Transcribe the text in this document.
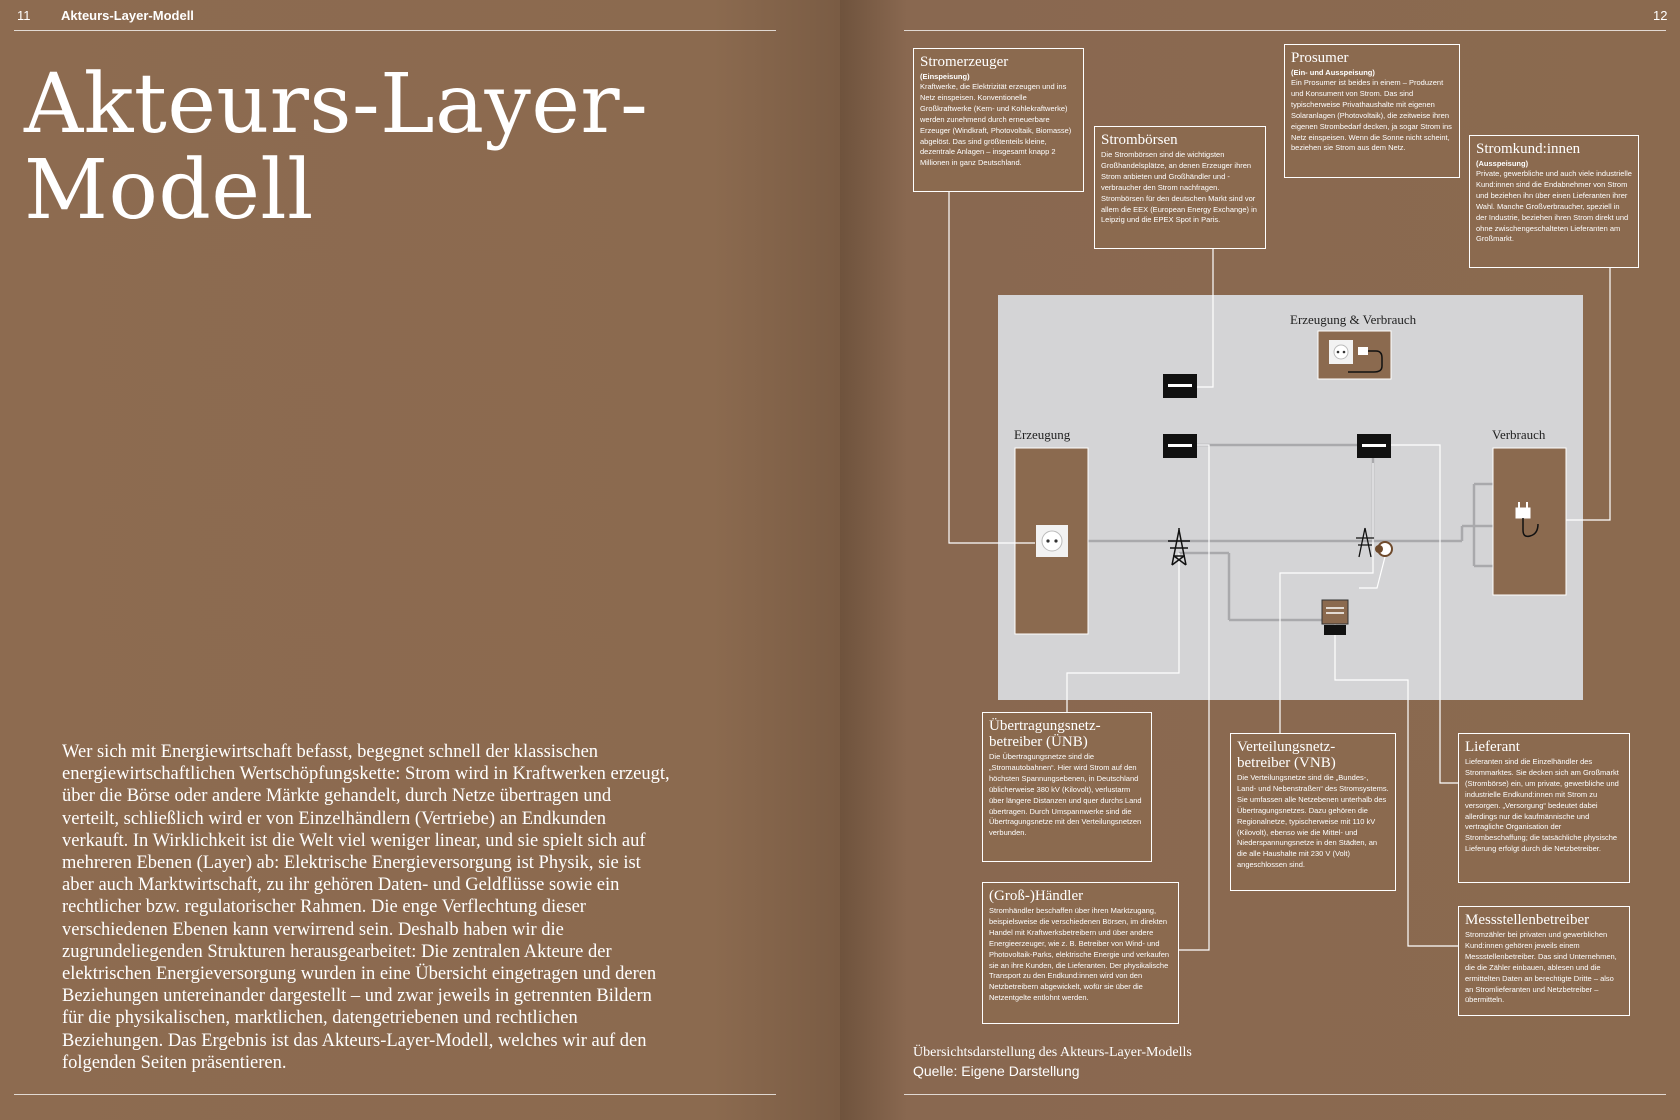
11 Akteurs-Layer-Modell
Akteurs-Layer-
Modell

Wer sich mit Energiewirtschaft befasst, begegnet schnell der klassischen energiewirtschaftlichen Wertschöpfungskette: Strom wird in Kraftwerken erzeugt, über die Börse oder andere Märkte gehandelt, durch Netze übertragen und verteilt, schließlich wird er von Einzelhändlern (Vertriebe) an Endkunden verkauft. In Wirklichkeit ist die Welt viel weniger linear, und sie spielt sich auf mehreren Ebenen (Layer) ab: Elektrische Energieversorgung ist Physik, sie ist aber auch Marktwirtschaft, zu ihr gehören Daten- und Geldflüsse sowie ein rechtlicher bzw. regulatorischer Rahmen. Die enge Verflechtung dieser verschiedenen Ebenen kann verwirrend sein. Deshalb haben wir die zugrundeliegenden Strukturen herausgearbeitet: Die zentralen Akteure der elektrischen Energieversorgung wurden in eine Übersicht eingetragen und deren Beziehungen untereinander dargestellt – und zwar jeweils in getrennten Bildern für die physikalischen, marktlichen, datengetriebenen und rechtlichen Beziehungen. Das Ergebnis ist das Akteurs-Layer-Modell, welches wir auf den folgenden Seiten präsentieren.

12
Erzeugung	Verbrauch
Erzeugung & Verbrauch
Stromerzeuger
(Einspeisung)
Kraftwerke, die Elektrizität erzeugen und ins Netz einspeisen. Konventionelle Großkraftwerke (Kern- und Kohlekraftwerke) werden zunehmend durch erneuerbare Erzeuger (Windkraft, Photovoltaik, Biomasse) abgelöst. Das sind größtenteils kleine, dezentrale Anlagen – insgesamt knapp 2 Millionen in ganz Deutschland.
Strombörsen
Die Strombörsen sind die wichtigsten Großhandelsplätze, an denen Erzeuger ihren Strom anbieten und Großhändler und -verbraucher den Strom nachfragen. Strombörsen für den deutschen Markt sind vor allem die EEX (European Energy Exchange) in Leipzig und die EPEX Spot in Paris.
Prosumer
(Ein- und Ausspeisung)
Ein Prosumer ist beides in einem – Produzent und Konsument von Strom. Das sind typischerweise Privathaushalte mit eigenen Solaranlagen (Photovoltaik), die zeitweise ihren eigenen Strombedarf decken, ja sogar Strom ins Netz einspeisen. Wenn die Sonne nicht scheint, beziehen sie Strom aus dem Netz.	Stromkund:innen
(Ausspeisung)
Private, gewerbliche und auch viele industrielle Kund:innen sind die Endabnehmer von Strom und beziehen ihn über einen Lieferanten ihrer Wahl. Manche Großverbraucher, speziell in der Industrie, beziehen ihren Strom direkt und ohne zwischengeschalteten Lieferanten am Großmarkt.
Übertragungsnetz-
betreiber (ÜNB)
Die Übertragungsnetze sind die „Stromautobahnen“. Hier wird Strom auf den höchsten Spannungsebenen, in Deutschland üblicherweise 380 kV (Kilovolt), verlustarm über längere Distanzen und quer durchs Land übertragen. Durch Umspannwerke sind die Übertragungsnetze mit den Verteilungsnetzen verbunden.
Verteilungsnetz-
betreiber (VNB)
Die Verteilungsnetze sind die „Bundes-, Land- und Nebenstraßen“ des Stromsystems. Sie umfassen alle Netzebenen unterhalb des Übertragungsnetzes. Dazu gehören die Regionalnetze, typischerweise mit 110 kV (Kilovolt), ebenso wie die Mittel- und Niederspannungsnetze in den Städten, an die alle Haushalte mit 230 V (Volt) angeschlossen sind.
Lieferant
Lieferanten sind die Einzelhändler des Strommarktes. Sie decken sich am Großmarkt (Strombörse) ein, um private, gewerbliche und industrielle Endkund:innen mit Strom zu versorgen. „Versorgung“ bedeutet dabei allerdings nur die kaufmännische und vertragliche Organisation der Strombeschaffung; die tatsächliche physische Lieferung erfolgt durch die Netzbetreiber.
(Groß-)Händler
Stromhändler beschaffen über ihren Marktzugang, beispielsweise die verschiedenen Börsen, im direkten Handel mit Kraftwerksbetreibern und über andere Energieerzeuger, wie z. B. Betreiber von Wind- und Photovoltaik-Parks, elektrische Energie und verkaufen sie an ihre Kunden, die Lieferanten. Der physikalische Transport zu den Endkund:innen wird von den Netzbetreibern abgewickelt, wofür sie über die Netzentgelte entlohnt werden.
Messstellenbetreiber
Stromzähler bei privaten und gewerblichen Kund:innen gehören jeweils einem Messstellenbetreiber. Das sind Unternehmen, die die Zähler einbauen, ablesen und die ermittelten Daten an berechtigte Dritte – also an Stromlieferanten und Netzbetreiber – übermitteln.
Übersichtsdarstellung des Akteurs-Layer-Modells
Quelle: Eigene Darstellung
